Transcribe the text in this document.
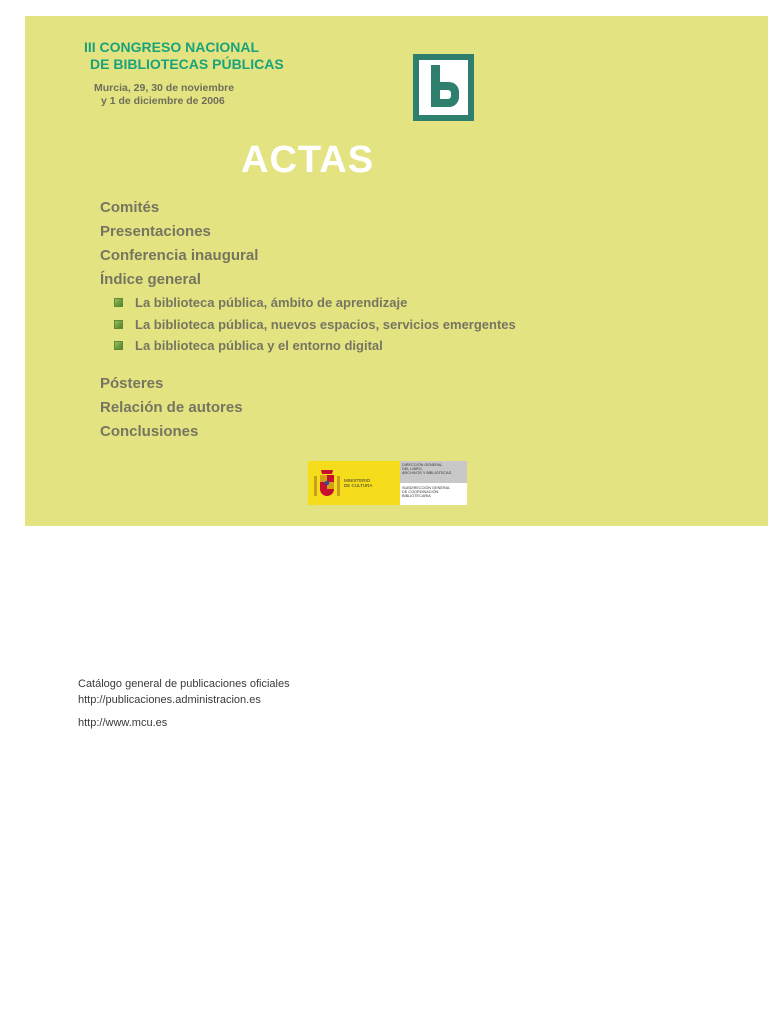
III CONGRESO NACIONAL
DE BIBLIOTECAS PÚBLICAS
Murcia, 29, 30 de noviembre
y 1 de diciembre de 2006
ACTAS
Comités
Presentaciones
Conferencia inaugural
Índice general
La biblioteca pública, ámbito de aprendizaje
La biblioteca pública, nuevos espacios, servicios emergentes
La biblioteca pública y el entorno digital
Pósteres
Relación de autores
Conclusiones
MINISTERIO
DE CULTURA
DIRECCIÓN GENERAL
DEL LIBRO,
ARCHIVOS Y BIBLIOTECAS
SUBDIRECCIÓN GENERAL
DE COORDINACIÓN
BIBLIOTECARIA
Catálogo general de publicaciones oficiales
http://publicaciones.administracion.es
http://www.mcu.es
